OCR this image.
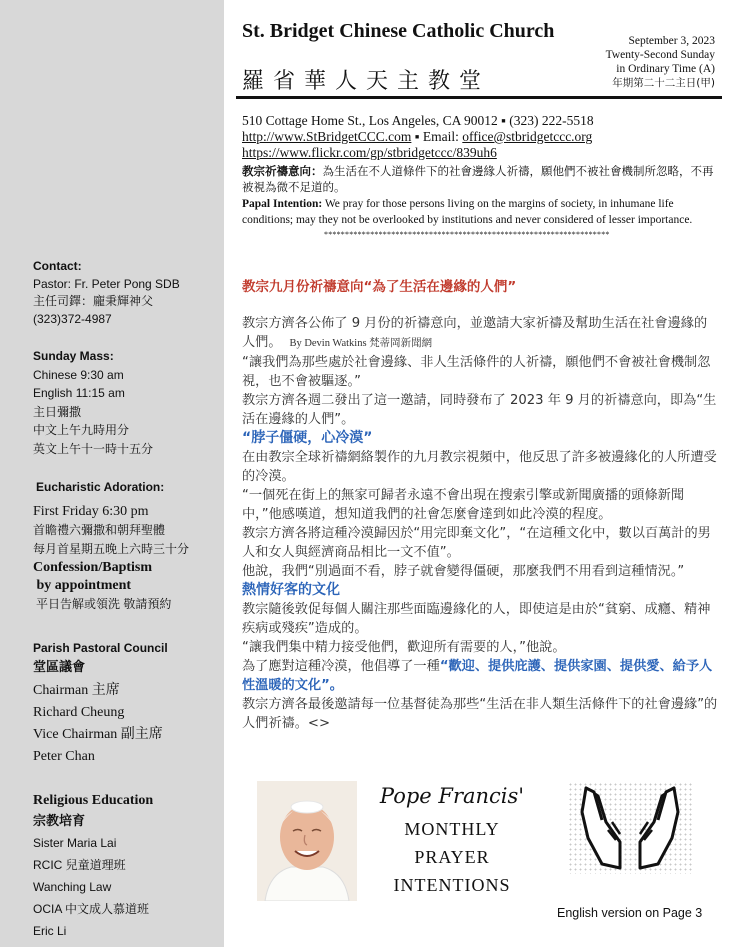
Contact:
Pastor: Fr. Peter Pong SDB
主任司鐸：龐秉輝神父
(323)372-4987
Sunday Mass:
Chinese 9:30 am
English 11:15 am
主日彌撒
中文上午九時用分
英文上午十一時十五分
Eucharistic Adoration:
First Friday 6:30 pm
首瞻禮六彌撒和朝拜聖體
每月首星期五晚上六時三十分
Confession/Baptism
by appointment
平日告解或領洗 敬請預約
Parish Pastoral Council
堂區議會
Chairman 主席
Richard Cheung
Vice Chairman 副主席
Peter Chan
Religious Education
宗教培育
Sister Maria Lai
RCIC 兒童道理班
Wanching Law
OCIA 中文成人慕道班
Eric Li
St. Bridget Chinese Catholic Church
羅 省 華 人 天 主 教 堂
September 3, 2023
Twenty-Second Sunday
in Ordinary Time (A)
年期第二十二主日(甲)
510 Cottage Home St., Los Angeles, CA 90012 ▪ (323) 222-5518
http://www.StBridgetCCC.com ▪ Email: office@stbridgetccc.org
https://www.flickr.com/gp/stbridgetccc/839uh6
教宗祈禱意向：為生活在不人道條件下的社會邊緣人祈禱，願他們不被社會機制所忽略，不再被視為微不足道的。
Papal Intention: We pray for those persons living on the margins of society, in inhumane life conditions; may they not be overlooked by institutions and never considered of lesser importance.
********************************************************************
教宗九月份祈禱意向“為了生活在邊緣的人們”
教宗方濟各公佈了 9 月份的祈禱意向，並邀請大家祈禱及幫助生活在社會邊緣的人們。   By Devin Watkins 梵蒂岡新聞網
“讓我們為那些處於社會邊緣、非人生活條件的人祈禱，願他們不會被社會機制忽視，也不會被驅逐。”
教宗方濟各週二發出了這一邀請，同時發布了 2023 年 9 月的祈禱意向，即為“生活在邊緣的人們”。
“脖子僵硬，心冷漠”
在由教宗全球祈禱網絡製作的九月教宗視頻中，他反思了許多被邊緣化的人所遭受的冷漠。
“一個死在街上的無家可歸者永遠不會出現在搜索引擎或新聞廣播的頭條新聞中，”他感嘆道，想知道我們的社會怎麼會達到如此冷漠的程度。
教宗方濟各將這種冷漠歸因於“用完即棄文化”，“在這種文化中，數以百萬計的男人和女人與經濟商品相比一文不值”。
他說，我們“別過面不看，脖子就會變得僵硬，那麼我們不用看到這種情況。”
熱情好客的文化
教宗隨後敦促每個人關注那些面臨邊緣化的人，即使這是由於“貧窮、成癮、精神疾病或殘疾”造成的。
“讓我們集中精力接受他們，歡迎所有需要的人，”他說。
為了應對這種冷漠，他倡導了一種“歡迎、提供庇護、提供家園、提供愛、給予人性溫暖的文化”。
教宗方濟各最後邀請每一位基督徒為那些“生活在非人類生活條件下的社會邊緣”的人們祈禱。<>
Pope Francis'
MONTHLY
PRAYER
INTENTIONS
English version on Page 3
